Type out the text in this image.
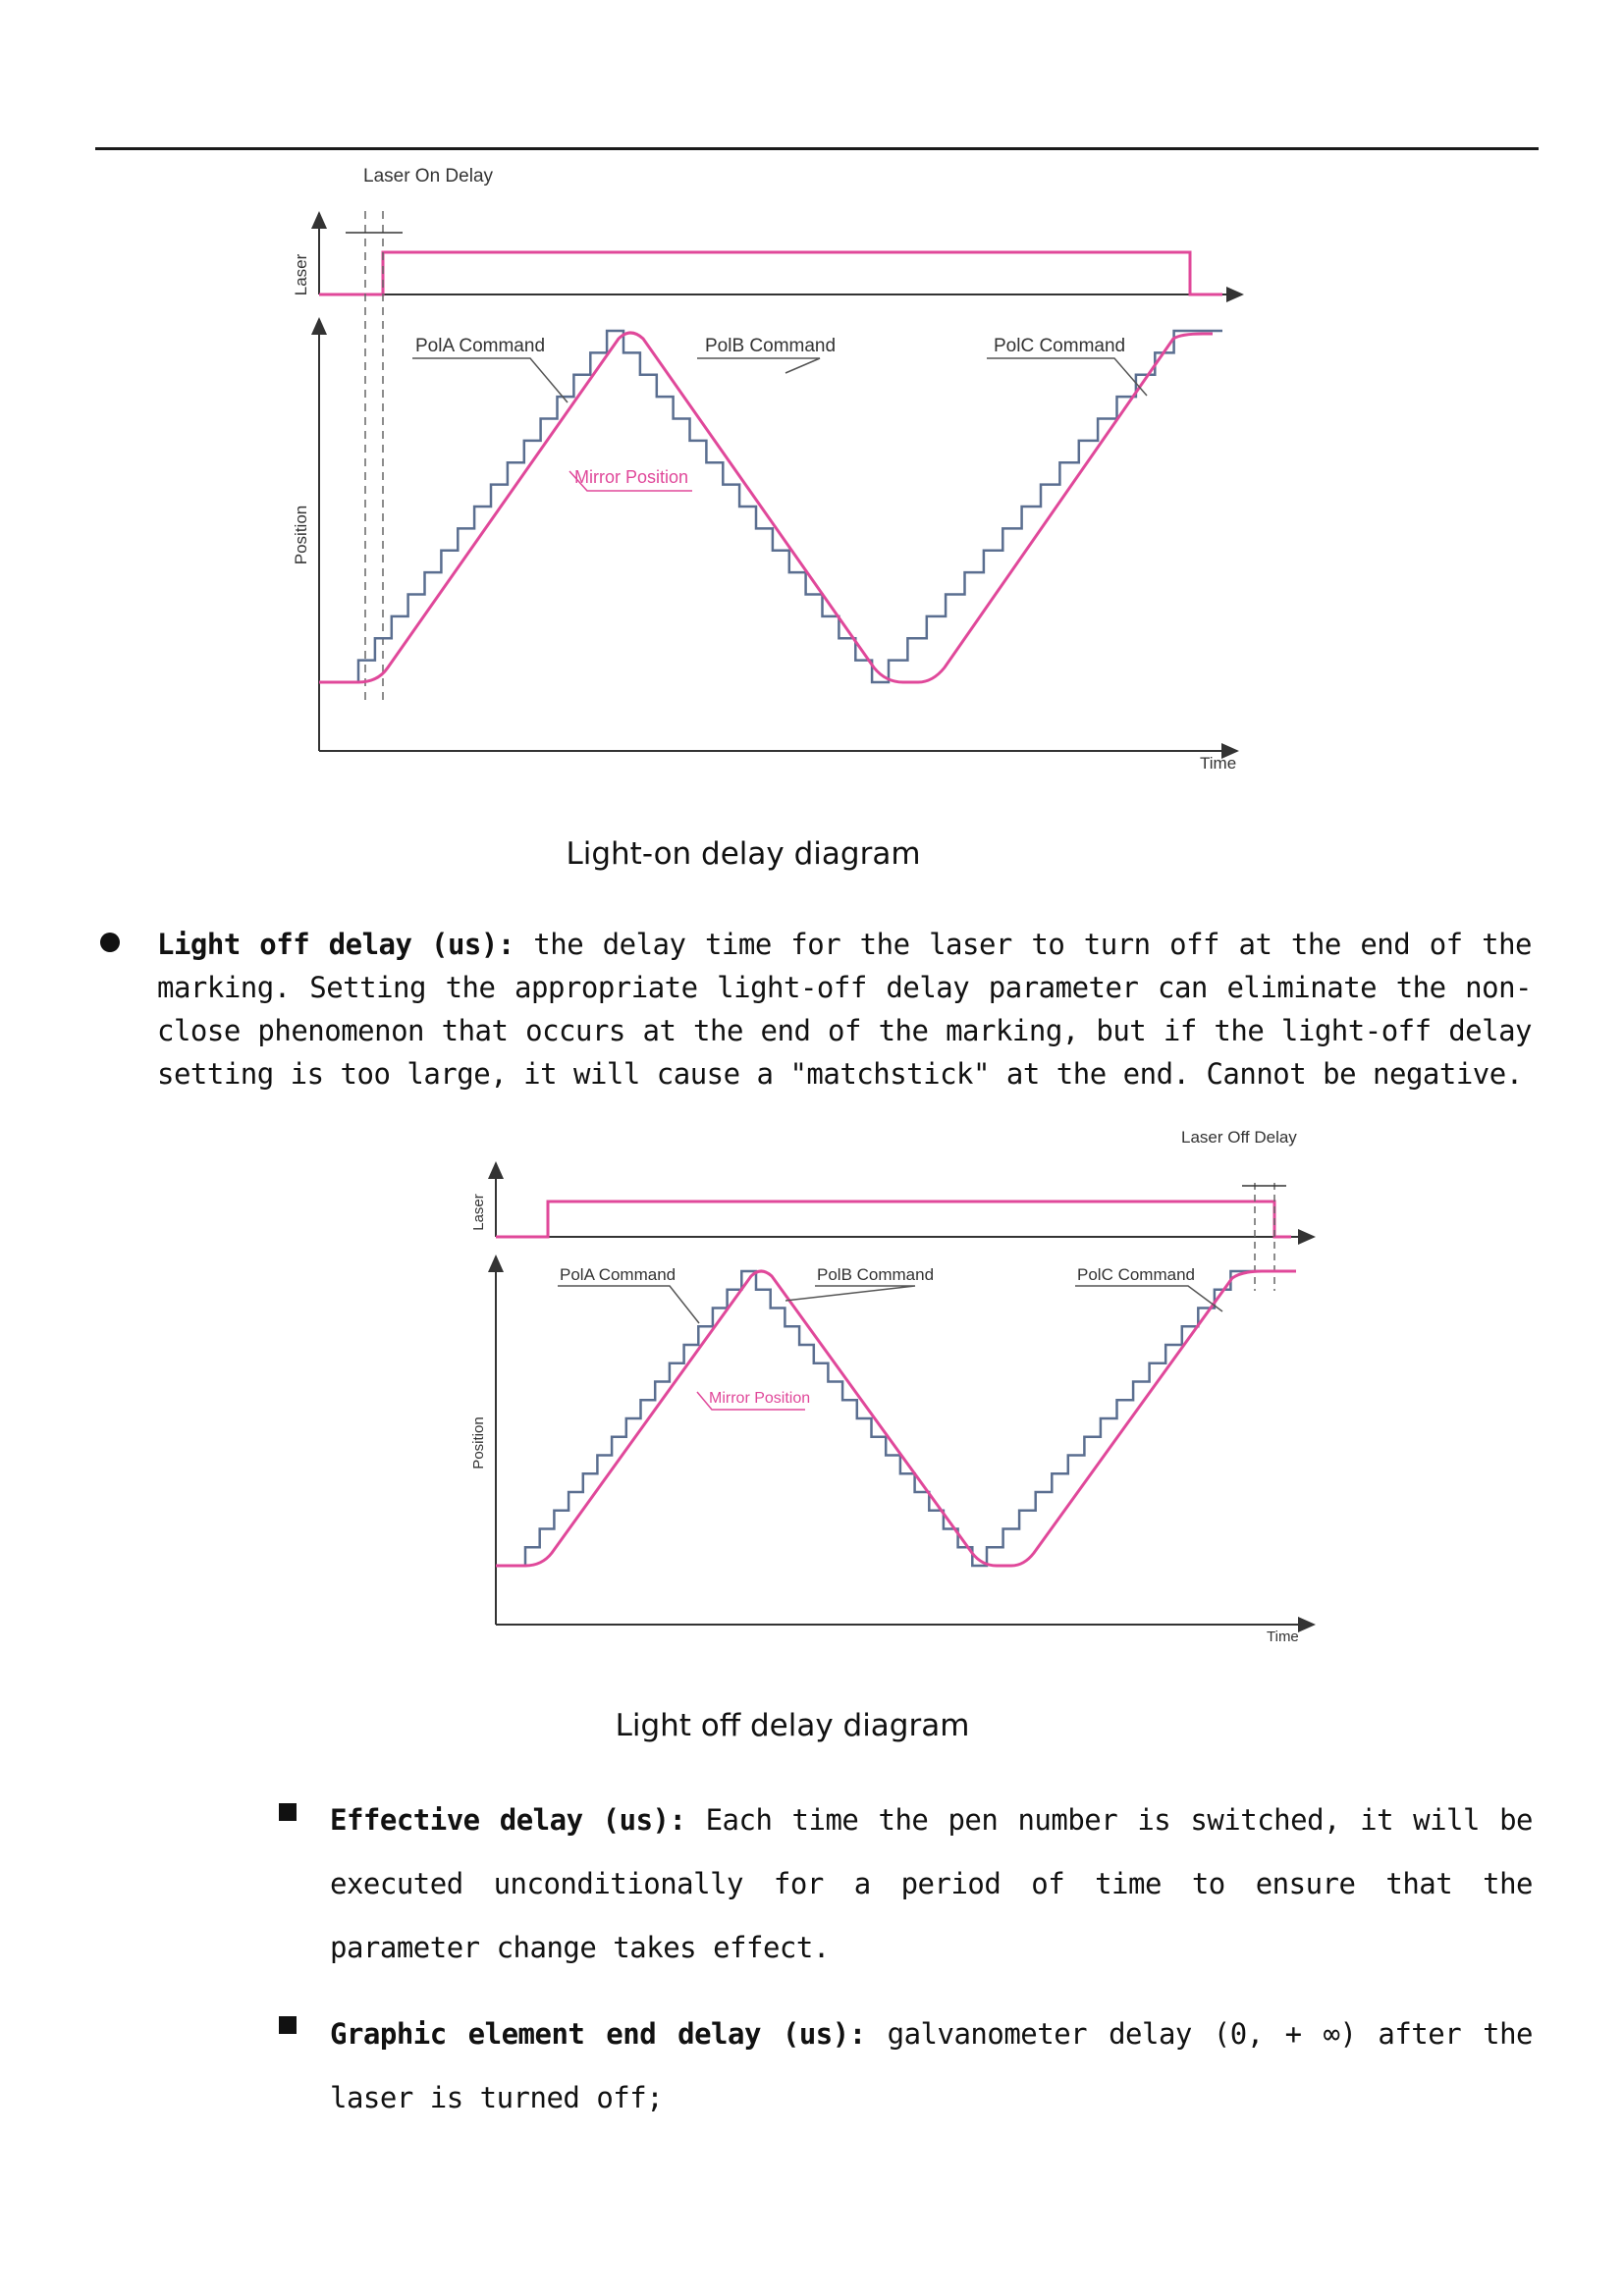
Laser On Delay
Laser
Position
Time
PolA Command	PolB Command	PolC Command
Mirror Position
Light-on delay diagram
Light off delay (us): the delay time for the laser to turn off at the end of the marking. Setting the appropriate light-off delay parameter can eliminate the non-close phenomenon that occurs at the end of the marking, but if the light-off delay setting is too large, it will cause a "matchstick" at the end. Cannot be negative.
Laser Off Delay
Laser
Position
Time
PolA Command	PolB Command	PolC Command
Mirror Position
Light off delay diagram
Effective delay (us): Each time the pen number is switched, it will be executed unconditionally for a period of time to ensure that the parameter change takes effect.
Graphic element end delay (us): galvanometer delay (0, + ∞) after the laser is turned off;
